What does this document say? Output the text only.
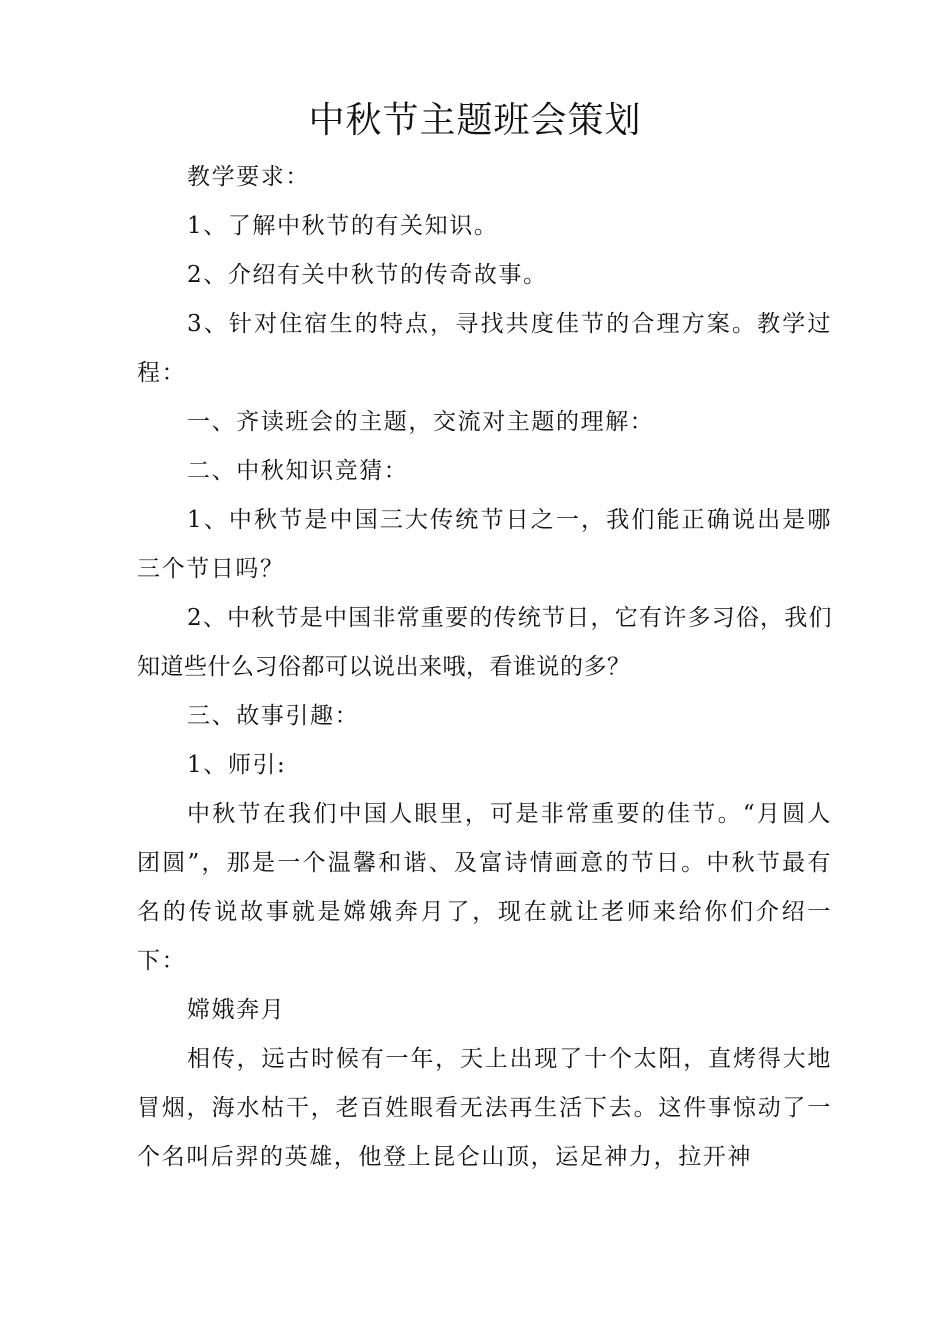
中秋节主题班会策划

教学要求：

1、了解中秋节的有关知识。

2、介绍有关中秋节的传奇故事。

3、针对住宿生的特点，寻找共度佳节的合理方案。教学过程：

一、齐读班会的主题，交流对主题的理解：

二、中秋知识竞猜：

1、中秋节是中国三大传统节日之一，我们能正确说出是哪三个节日吗？

2、中秋节是中国非常重要的传统节日，它有许多习俗，我们知道些什么习俗都可以说出来哦，看谁说的多？

三、故事引趣：

1、师引:

中秋节在我们中国人眼里，可是非常重要的佳节。“月圆人团圆”，那是一个温馨和谐、及富诗情画意的节日。中秋节最有名的传说故事就是嫦娥奔月了，现在就让老师来给你们介绍一下：

嫦娥奔月

相传，远古时候有一年，天上出现了十个太阳，直烤得大地冒烟，海水枯干，老百姓眼看无法再生活下去。这件事惊动了一个名叫后羿的英雄，他登上昆仑山顶，运足神力，拉开神
